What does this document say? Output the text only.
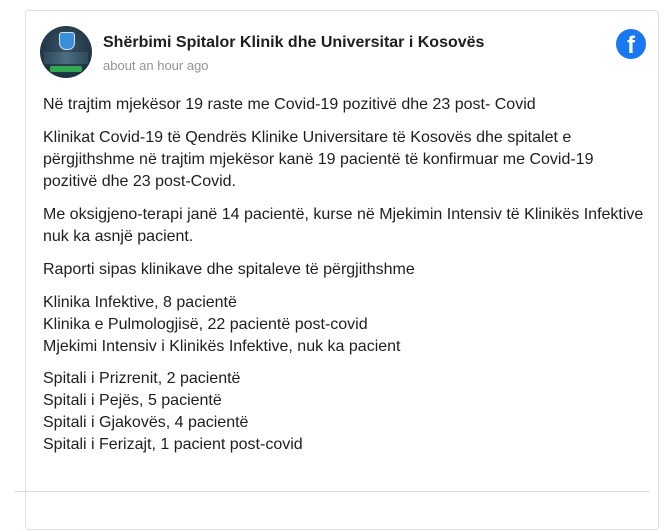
Shërbimi Spitalor Klinik dhe Universitar i Kosovës
about an hour ago
f

Në trajtim mjekësor 19 raste me Covid-19 pozitivë dhe 23 post- Covid

Klinikat Covid-19 të Qendrës Klinike Universitare të Kosovës dhe spitalet e përgjithshme në trajtim mjekësor kanë 19 pacientë të konfirmuar me Covid-19 pozitivë dhe 23 post-Covid.

Me oksigjeno-terapi janë 14 pacientë, kurse në Mjekimin Intensiv të Klinikës Infektive nuk ka asnjë pacient.

Raporti sipas klinikave dhe spitaleve të përgjithshme

Klinika Infektive, 8 pacientë
Klinika e Pulmologjisë, 22 pacientë post-covid
Mjekimi Intensiv i Klinikës Infektive, nuk ka pacient

Spitali i Prizrenit, 2 pacientë
Spitali i Pejës, 5 pacientë
Spitali i Gjakovës, 4 pacientë
Spitali i Ferizajt, 1 pacient post-covid
